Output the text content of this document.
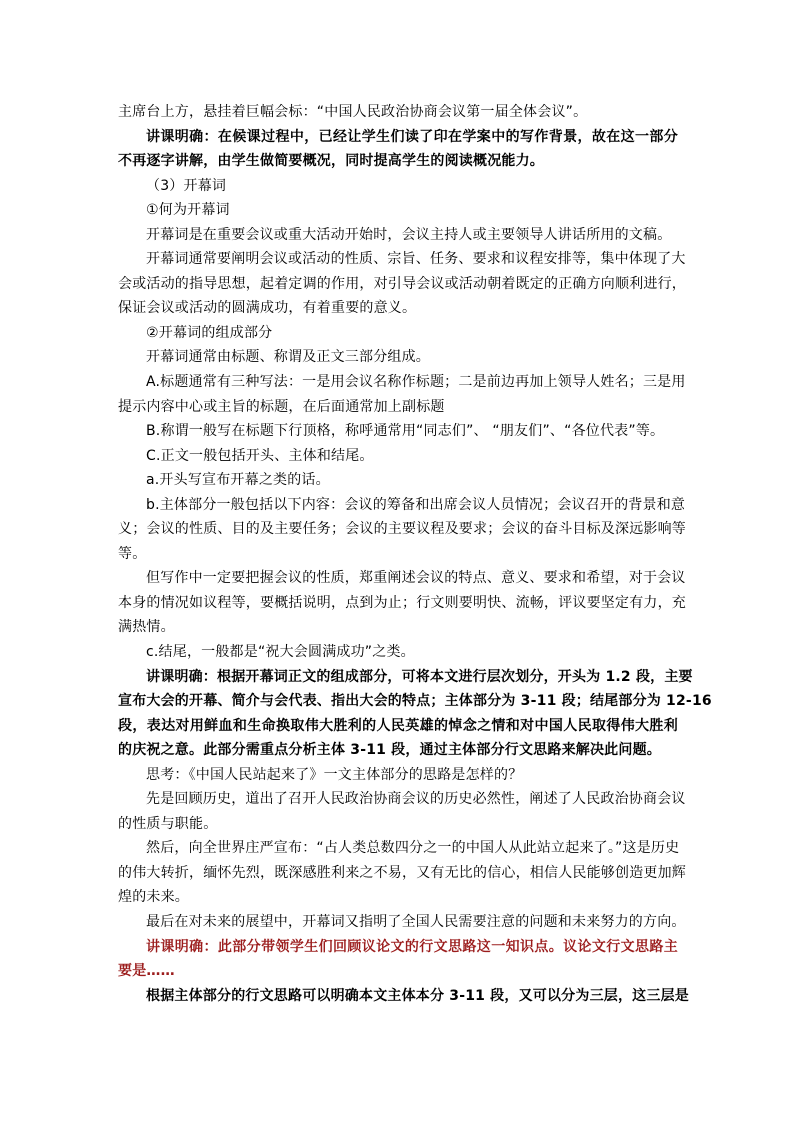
主席台上方，悬挂着巨幅会标：“中国人民政治协商会议第一届全体会议”。
讲课明确：在候课过程中，已经让学生们读了印在学案中的写作背景，故在这一部分
不再逐字讲解，由学生做简要概况，同时提高学生的阅读概况能力。
（3）开幕词
①何为开幕词
开幕词是在重要会议或重大活动开始时，会议主持人或主要领导人讲话所用的文稿。
开幕词通常要阐明会议或活动的性质、宗旨、任务、要求和议程安排等，集中体现了大
会或活动的指导思想，起着定调的作用，对引导会议或活动朝着既定的正确方向顺利进行，
保证会议或活动的圆满成功，有着重要的意义。
②开幕词的组成部分
开幕词通常由标题、称谓及正文三部分组成。
A.标题通常有三种写法：一是用会议名称作标题；二是前边再加上领导人姓名；三是用
提示内容中心或主旨的标题，在后面通常加上副标题
B.称谓一般写在标题下行顶格，称呼通常用“同志们”、 “朋友们”、“各位代表”等。
C.正文一般包括开头、主体和结尾。
a.开头写宣布开幕之类的话。
b.主体部分一般包括以下内容：会议的筹备和出席会议人员情况；会议召开的背景和意
义；会议的性质、目的及主要任务；会议的主要议程及要求；会议的奋斗目标及深远影响等
等。
但写作中一定要把握会议的性质，郑重阐述会议的特点、意义、要求和希望，对于会议
本身的情况如议程等，要概括说明，点到为止；行文则要明快、流畅，评议要坚定有力，充
满热情。
c.结尾，一般都是“祝大会圆满成功”之类。
讲课明确：根据开幕词正文的组成部分，可将本文进行层次划分，开头为 1.2 段，主要
宣布大会的开幕、简介与会代表、指出大会的特点；主体部分为 3-11 段；结尾部分为 12-16
段，表达对用鲜血和生命换取伟大胜利的人民英雄的悼念之情和对中国人民取得伟大胜利
的庆祝之意。此部分需重点分析主体 3-11 段，通过主体部分行文思路来解决此问题。
思考：《中国人民站起来了》一文主体部分的思路是怎样的？
先是回顾历史，道出了召开人民政治协商会议的历史必然性，阐述了人民政治协商会议
的性质与职能。
然后，向全世界庄严宣布：“占人类总数四分之一的中国人从此站立起来了。”这是历史
的伟大转折，缅怀先烈，既深感胜利来之不易，又有无比的信心，相信人民能够创造更加辉
煌的未来。
最后在对未来的展望中，开幕词又指明了全国人民需要注意的问题和未来努力的方向。
讲课明确：此部分带领学生们回顾议论文的行文思路这一知识点。议论文行文思路主
要是……
根据主体部分的行文思路可以明确本文主体本分 3-11 段，又可以分为三层，这三层是
